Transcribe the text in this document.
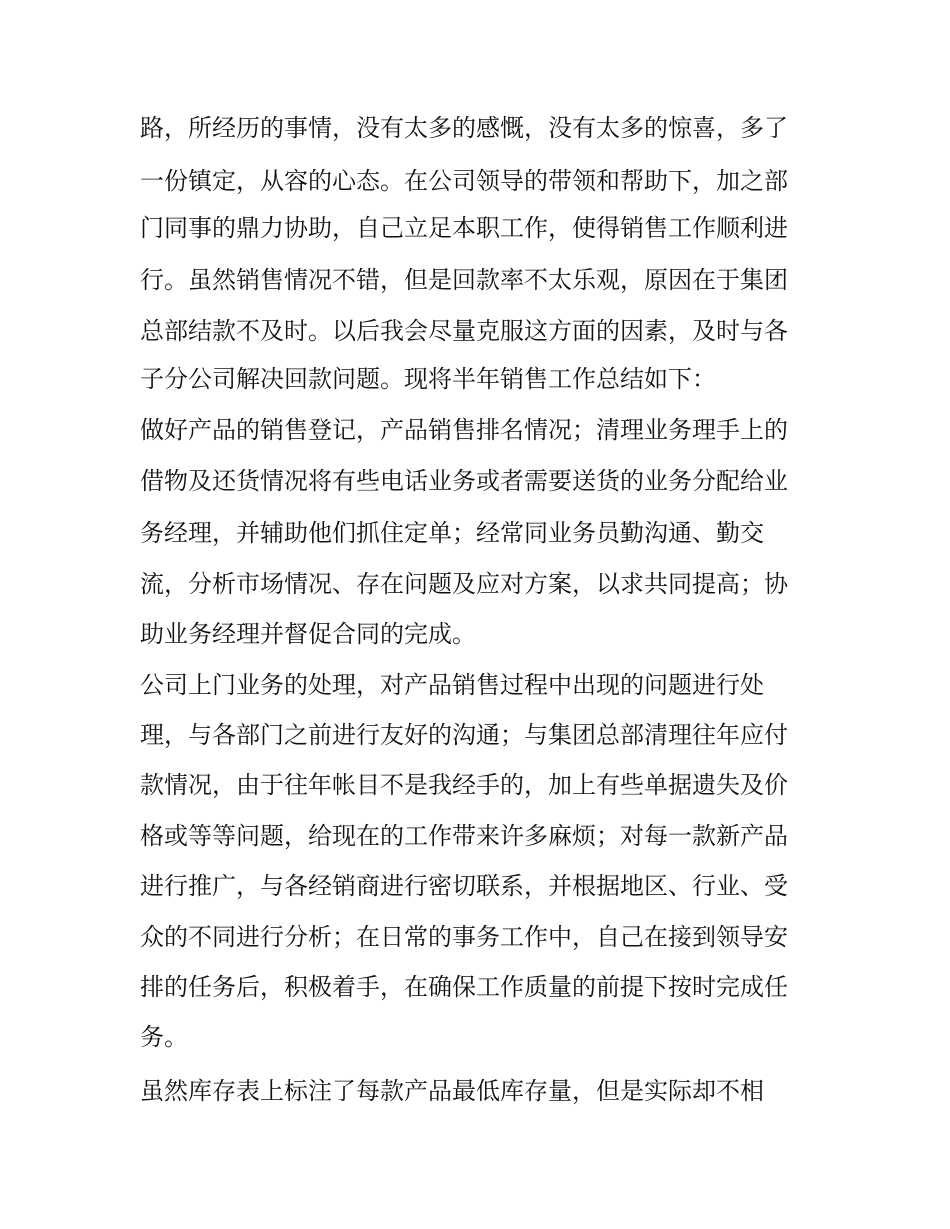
路，所经历的事情，没有太多的感慨，没有太多的惊喜，多了
一份镇定，从容的心态。在公司领导的带领和帮助下，加之部
门同事的鼎力协助，自己立足本职工作，使得销售工作顺利进
行。虽然销售情况不错，但是回款率不太乐观，原因在于集团
总部结款不及时。以后我会尽量克服这方面的因素，及时与各
子分公司解决回款问题。现将半年销售工作总结如下：
做好产品的销售登记，产品销售排名情况；清理业务理手上的
借物及还货情况将有些电话业务或者需要送货的业务分配给业
务经理，并辅助他们抓住定单；经常同业务员勤沟通、勤交
流，分析市场情况、存在问题及应对方案，以求共同提高；协
助业务经理并督促合同的完成。
公司上门业务的处理，对产品销售过程中出现的问题进行处
理，与各部门之前进行友好的沟通；与集团总部清理往年应付
款情况，由于往年帐目不是我经手的，加上有些单据遗失及价
格或等等问题，给现在的工作带来许多麻烦；对每一款新产品
进行推广，与各经销商进行密切联系，并根据地区、行业、受
众的不同进行分析；在日常的事务工作中，自己在接到领导安
排的任务后，积极着手，在确保工作质量的前提下按时完成任
务。
虽然库存表上标注了每款产品最低库存量，但是实际却不相
